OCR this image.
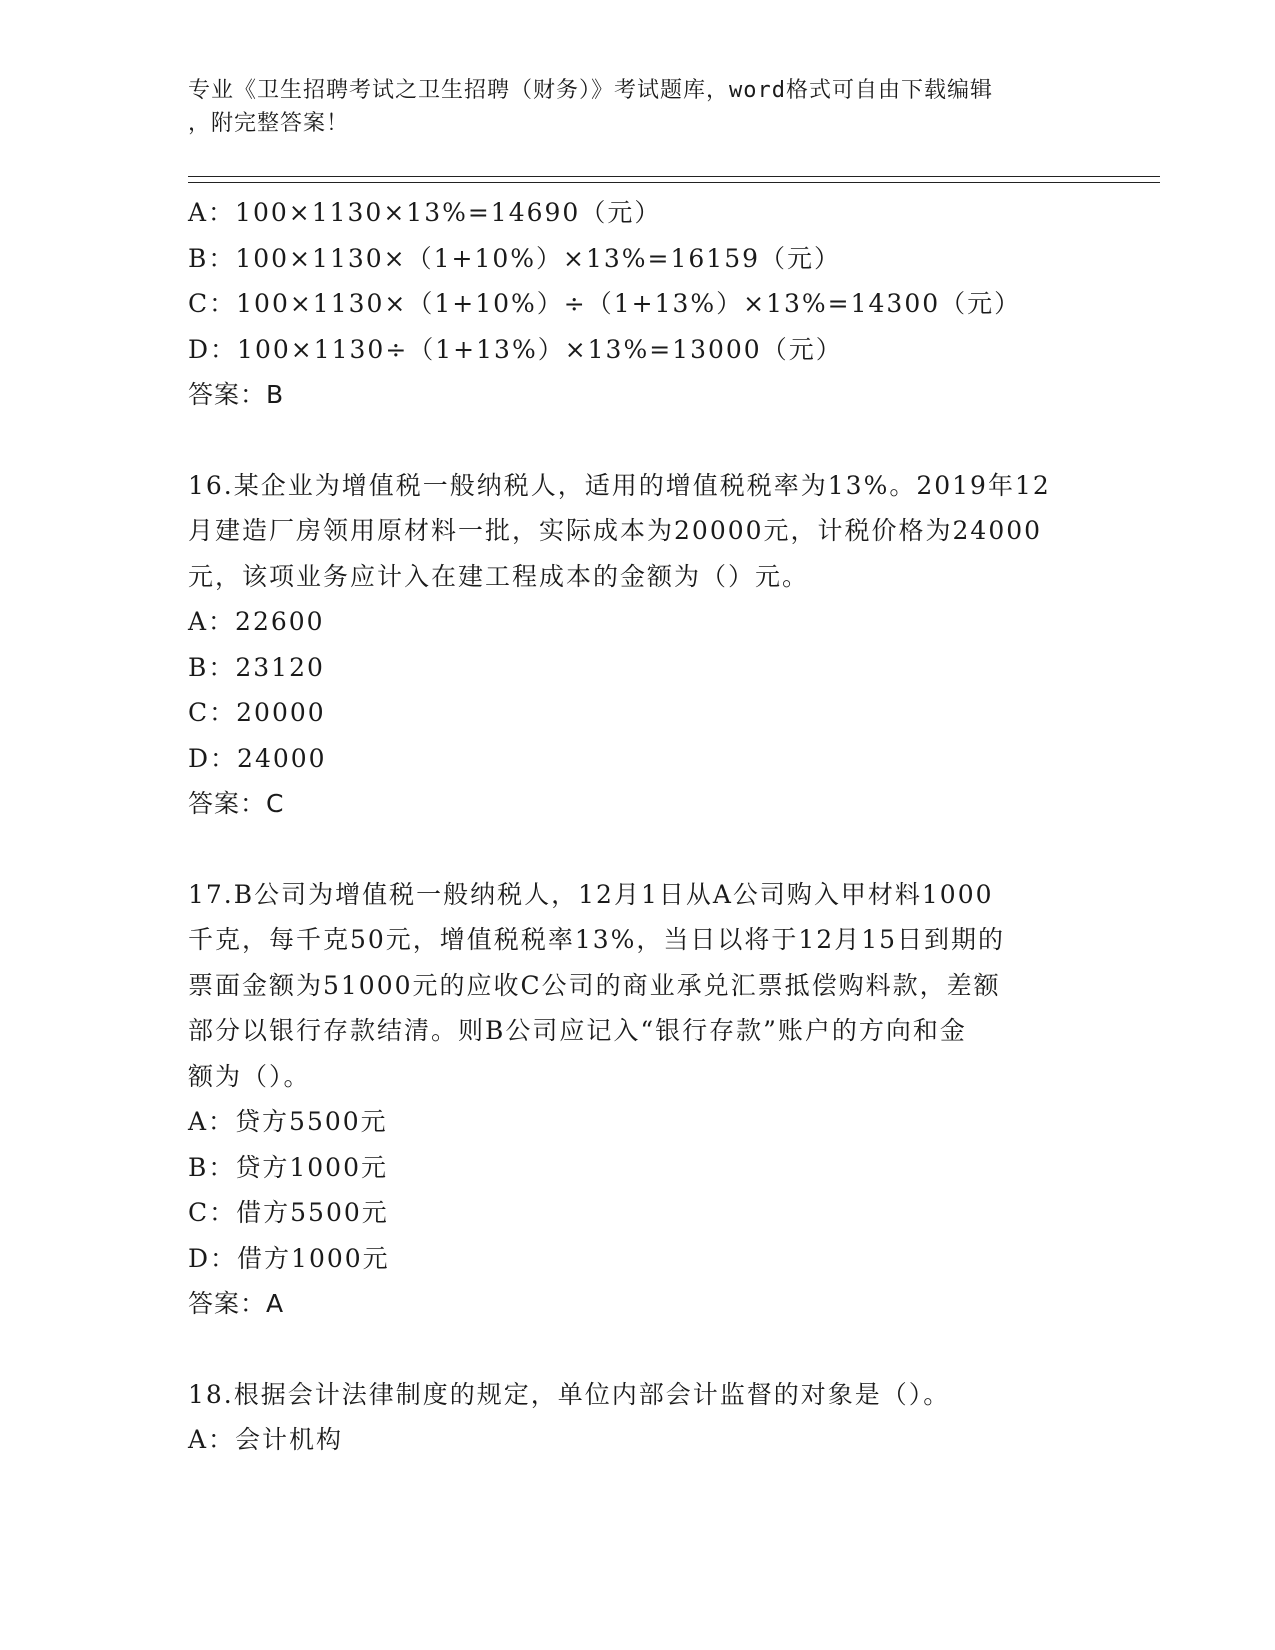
专业《卫生招聘考试之卫生招聘（财务）》考试题库，word格式可自由下载编辑
，附完整答案！
A：100×1130×13%=14690（元）
B：100×1130×（1+10%）×13%=16159（元）
C：100×1130×（1+10%）÷（1+13%）×13%=14300（元）
D：100×1130÷（1+13%）×13%=13000（元）
答案：B
16.某企业为增值税一般纳税人，适用的增值税税率为13%。2019年12
月建造厂房领用原材料一批，实际成本为20000元，计税价格为24000
元，该项业务应计入在建工程成本的金额为（）元。
A：22600
B：23120
C：20000
D：24000
答案：C
17.B公司为增值税一般纳税人，12月1日从A公司购入甲材料1000
千克，每千克50元，增值税税率13%，当日以将于12月15日到期的
票面金额为51000元的应收C公司的商业承兑汇票抵偿购料款，差额
部分以银行存款结清。则B公司应记入“银行存款”账户的方向和金
额为（）。
A：贷方5500元
B：贷方1000元
C：借方5500元
D：借方1000元
答案：A
18.根据会计法律制度的规定，单位内部会计监督的对象是（）。
A：会计机构
